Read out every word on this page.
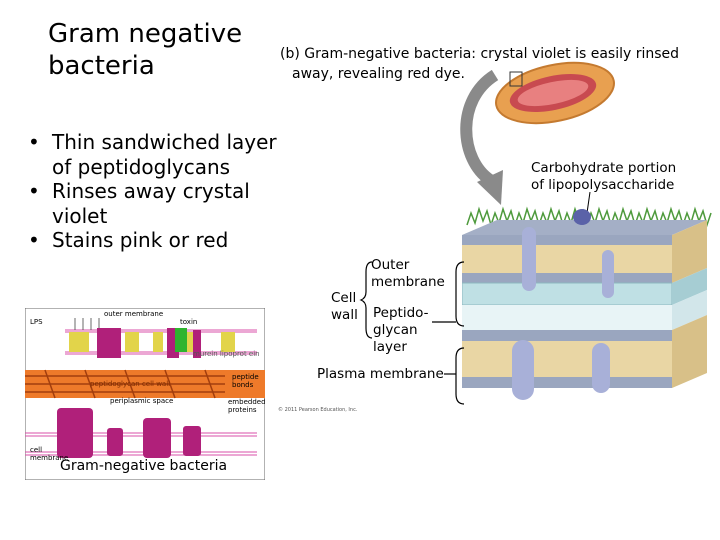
Gram negative bacteria
• Thin sandwiched layer of peptidoglycans
• Rinses away crystal violet
• Stains pink or red
(b) Gram-negative bacteria: crystal violet is easily rinsed
away, revealing red dye.
Carbohydrate portion
of lipopolysaccharide
Outer
membrane
Cell
wall Peptido-
glycan
layer
Plasma membrane
© 2011 Pearson Education, Inc.
LPS
outer membrane
toxin
murein lipoprot ein
peptidoglycan cell wall
peptide
bonds
periplasmic space	embedded
proteins
cell
membrane
Gram-negative bacteria
